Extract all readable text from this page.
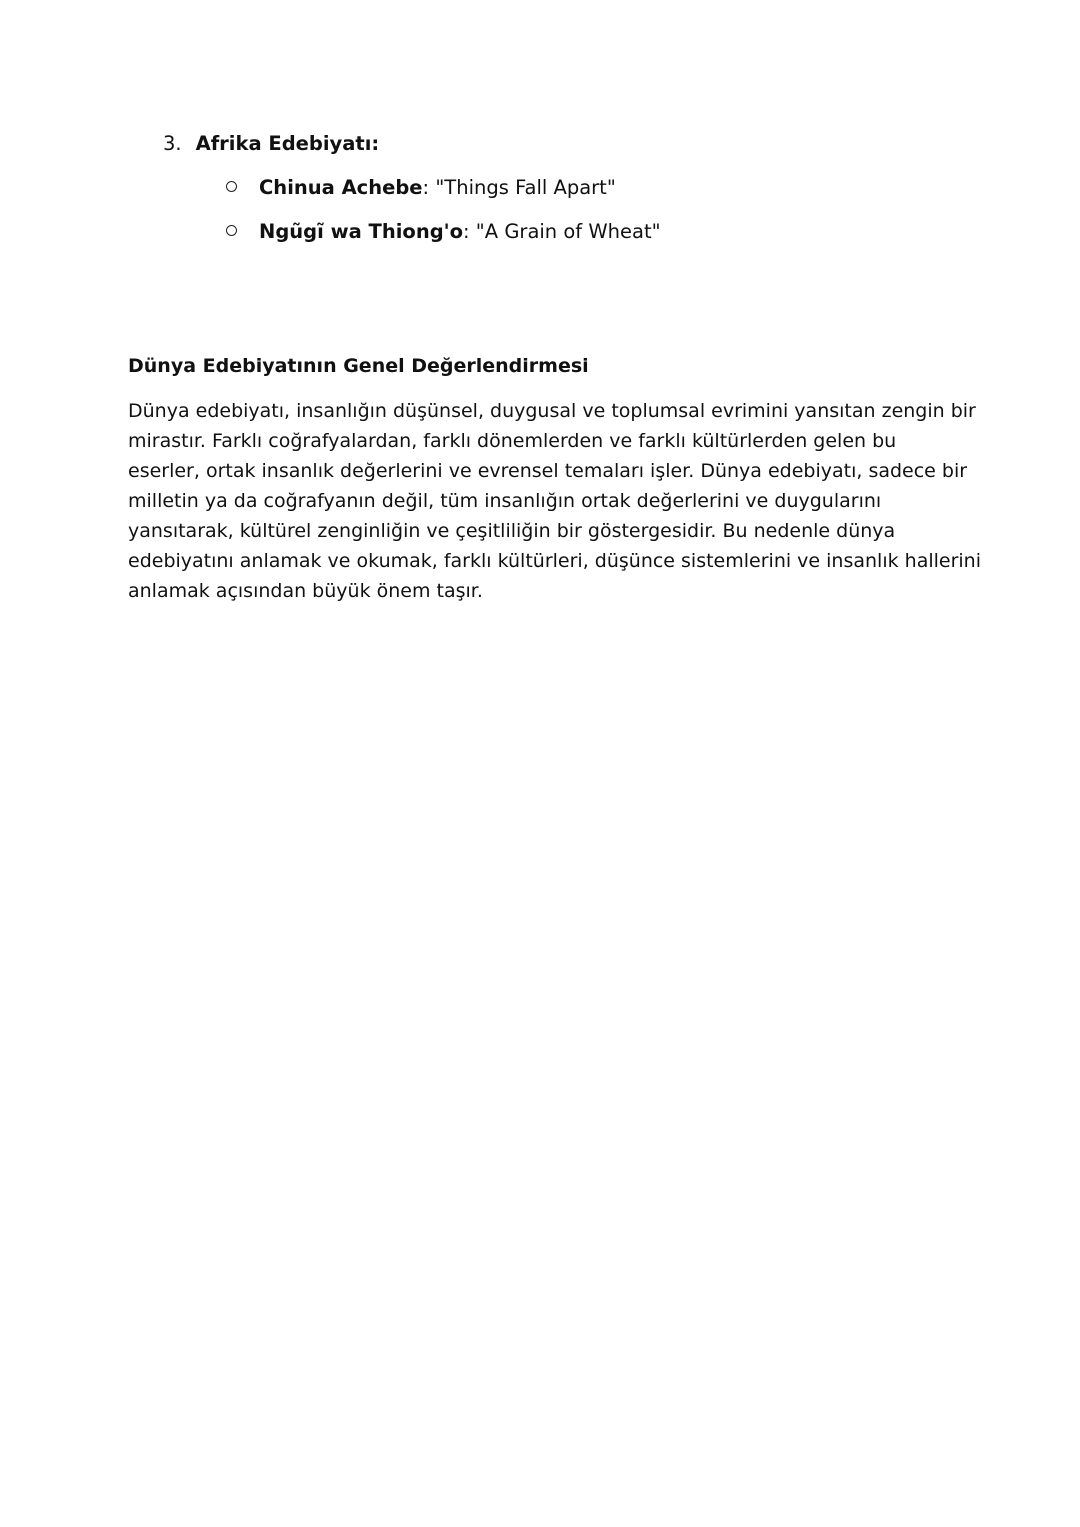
3. Afrika Edebiyatı:
Chinua Achebe: "Things Fall Apart"
Ngũgĩ wa Thiong'o: "A Grain of Wheat"
Dünya Edebiyatının Genel Değerlendirmesi
Dünya edebiyatı, insanlığın düşünsel, duygusal ve toplumsal evrimini yansıtan zengin bir
mirastır. Farklı coğrafyalardan, farklı dönemlerden ve farklı kültürlerden gelen bu
eserler, ortak insanlık değerlerini ve evrensel temaları işler. Dünya edebiyatı, sadece bir
milletin ya da coğrafyanın değil, tüm insanlığın ortak değerlerini ve duygularını
yansıtarak, kültürel zenginliğin ve çeşitliliğin bir göstergesidir. Bu nedenle dünya
edebiyatını anlamak ve okumak, farklı kültürleri, düşünce sistemlerini ve insanlık hallerini
anlamak açısından büyük önem taşır.
